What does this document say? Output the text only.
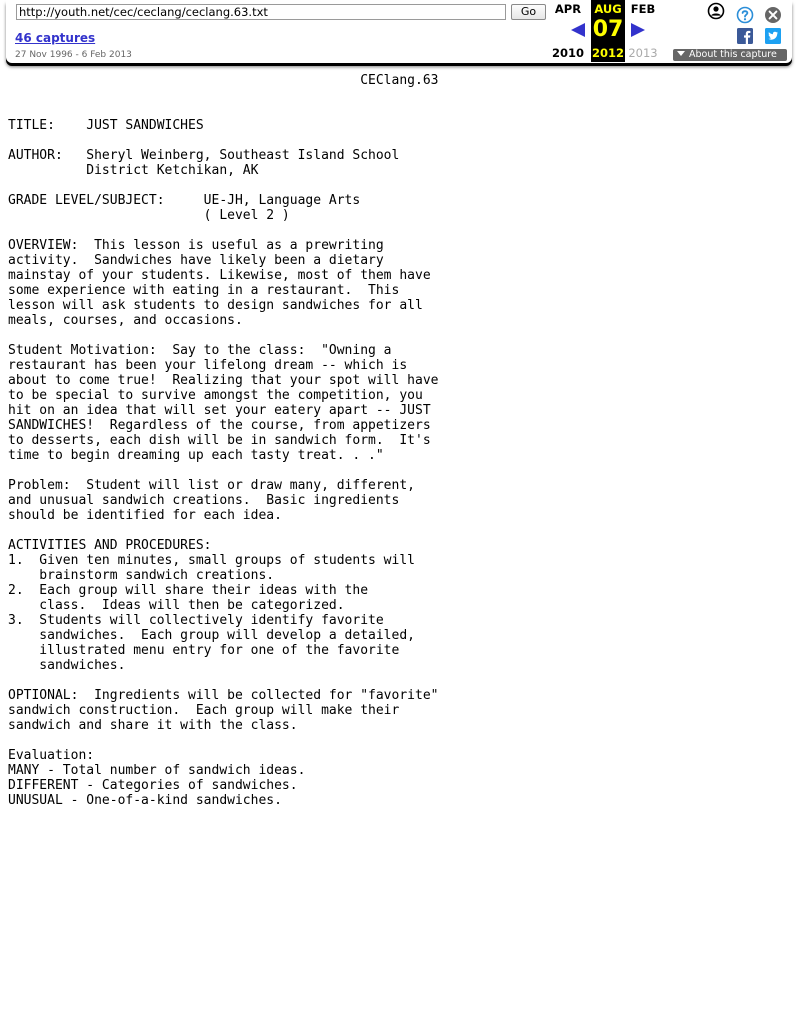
http://youth.net/cec/ceclang/ceclang.63.txt
Go
46 captures
27 Nov 1996 - 6 Feb 2013
APR
2010
AUG
07
2012
FEB
2013	About this capture
CEClang.63

TITLE:    JUST SANDWICHES

AUTHOR:   Sheryl Weinberg, Southeast Island School
District Ketchikan, AK

GRADE LEVEL/SUBJECT:     UE-JH, Language Arts
( Level 2 )

OVERVIEW:  This lesson is useful as a prewriting
activity.  Sandwiches have likely been a dietary
mainstay of your students. Likewise, most of them have
some experience with eating in a restaurant.  This
lesson will ask students to design sandwiches for all
meals, courses, and occasions.

Student Motivation:  Say to the class:  "Owning a
restaurant has been your lifelong dream -- which is
about to come true!  Realizing that your spot will have
to be special to survive amongst the competition, you
hit on an idea that will set your eatery apart -- JUST
SANDWICHES!  Regardless of the course, from appetizers
to desserts, each dish will be in sandwich form.  It's
time to begin dreaming up each tasty treat. . ."

Problem:  Student will list or draw many, different,
and unusual sandwich creations.  Basic ingredients
should be identified for each idea.

ACTIVITIES AND PROCEDURES:
1.  Given ten minutes, small groups of students will
brainstorm sandwich creations.
2.  Each group will share their ideas with the
class.  Ideas will then be categorized.
3.  Students will collectively identify favorite
sandwiches.  Each group will develop a detailed,
illustrated menu entry for one of the favorite
sandwiches.

OPTIONAL:  Ingredients will be collected for "favorite"
sandwich construction.  Each group will make their
sandwich and share it with the class.

Evaluation:
MANY - Total number of sandwich ideas.
DIFFERENT - Categories of sandwiches.
UNUSUAL - One-of-a-kind sandwiches.
